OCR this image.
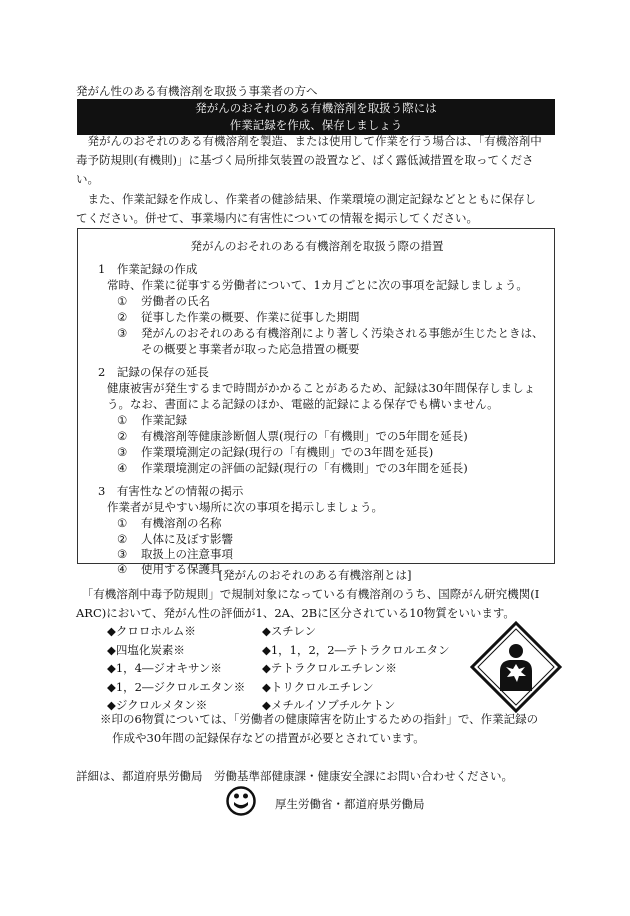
発がん性のある有機溶剤を取扱う事業者の方へ
発がんのおそれのある有機溶剤を取扱う際には
作業記録を作成、保存しましょう
　発がんのおそれのある有機溶剤を製造、または使用して作業を行う場合は、「有機溶剤中
毒予防規則(有機則)」に基づく局所排気装置の設置など、ばく露低減措置を取ってくださ
い。
　また、作業記録を作成し、作業者の健診結果、作業環境の測定記録などとともに保存し
てください。併せて、事業場内に有害性についての情報を掲示してください。
発がんのおそれのある有機溶剤を取扱う際の措置
1　作業記録の作成
常時、作業に従事する労働者について、1カ月ごとに次の事項を記録しましょう。
① 労働者の氏名
② 従事した作業の概要、作業に従事した期間
③ 発がんのおそれのある有機溶剤により著しく汚染される事態が生じたときは、
その概要と事業者が取った応急措置の概要
2　記録の保存の延長
健康被害が発生するまで時間がかかることがあるため、記録は30年間保存しましょ
う。なお、書面による記録のほか、電磁的記録による保存でも構いません。
① 作業記録
② 有機溶剤等健康診断個人票(現行の「有機則」での5年間を延長)
③ 作業環境測定の記録(現行の「有機則」での3年間を延長)
④ 作業環境測定の評価の記録(現行の「有機則」での3年間を延長)
3　有害性などの情報の掲示
作業者が見やすい場所に次の事項を掲示しましょう。
① 有機溶剤の名称
② 人体に及ぼす影響
③ 取扱上の注意事項
④ 使用する保護具
[発がんのおそれのある有機溶剤とは]
　「有機溶剤中毒予防規則」で規制対象になっている有機溶剤のうち、国際がん研究機関(I
ARC)において、発がん性の評価が1、2A、2Bに区分されている10物質をいいます。
◆クロロホルム※
◆四塩化炭素※
◆1，4―ジオキサン※
◆1，2―ジクロルエタン※
◆ジクロルメタン※
◆スチレン
◆1，1，2，2―テトラクロルエタン
◆テトラクロルエチレン※
◆トリクロルエチレン
◆メチルイソブチルケトン
※印の6物質については、「労働者の健康障害を防止するための指針」で、作業記録の
作成や30年間の記録保存などの措置が必要とされています。
詳細は、都道府県労働局　労働基準部健康課・健康安全課にお問い合わせください。
厚生労働省・都道府県労働局
